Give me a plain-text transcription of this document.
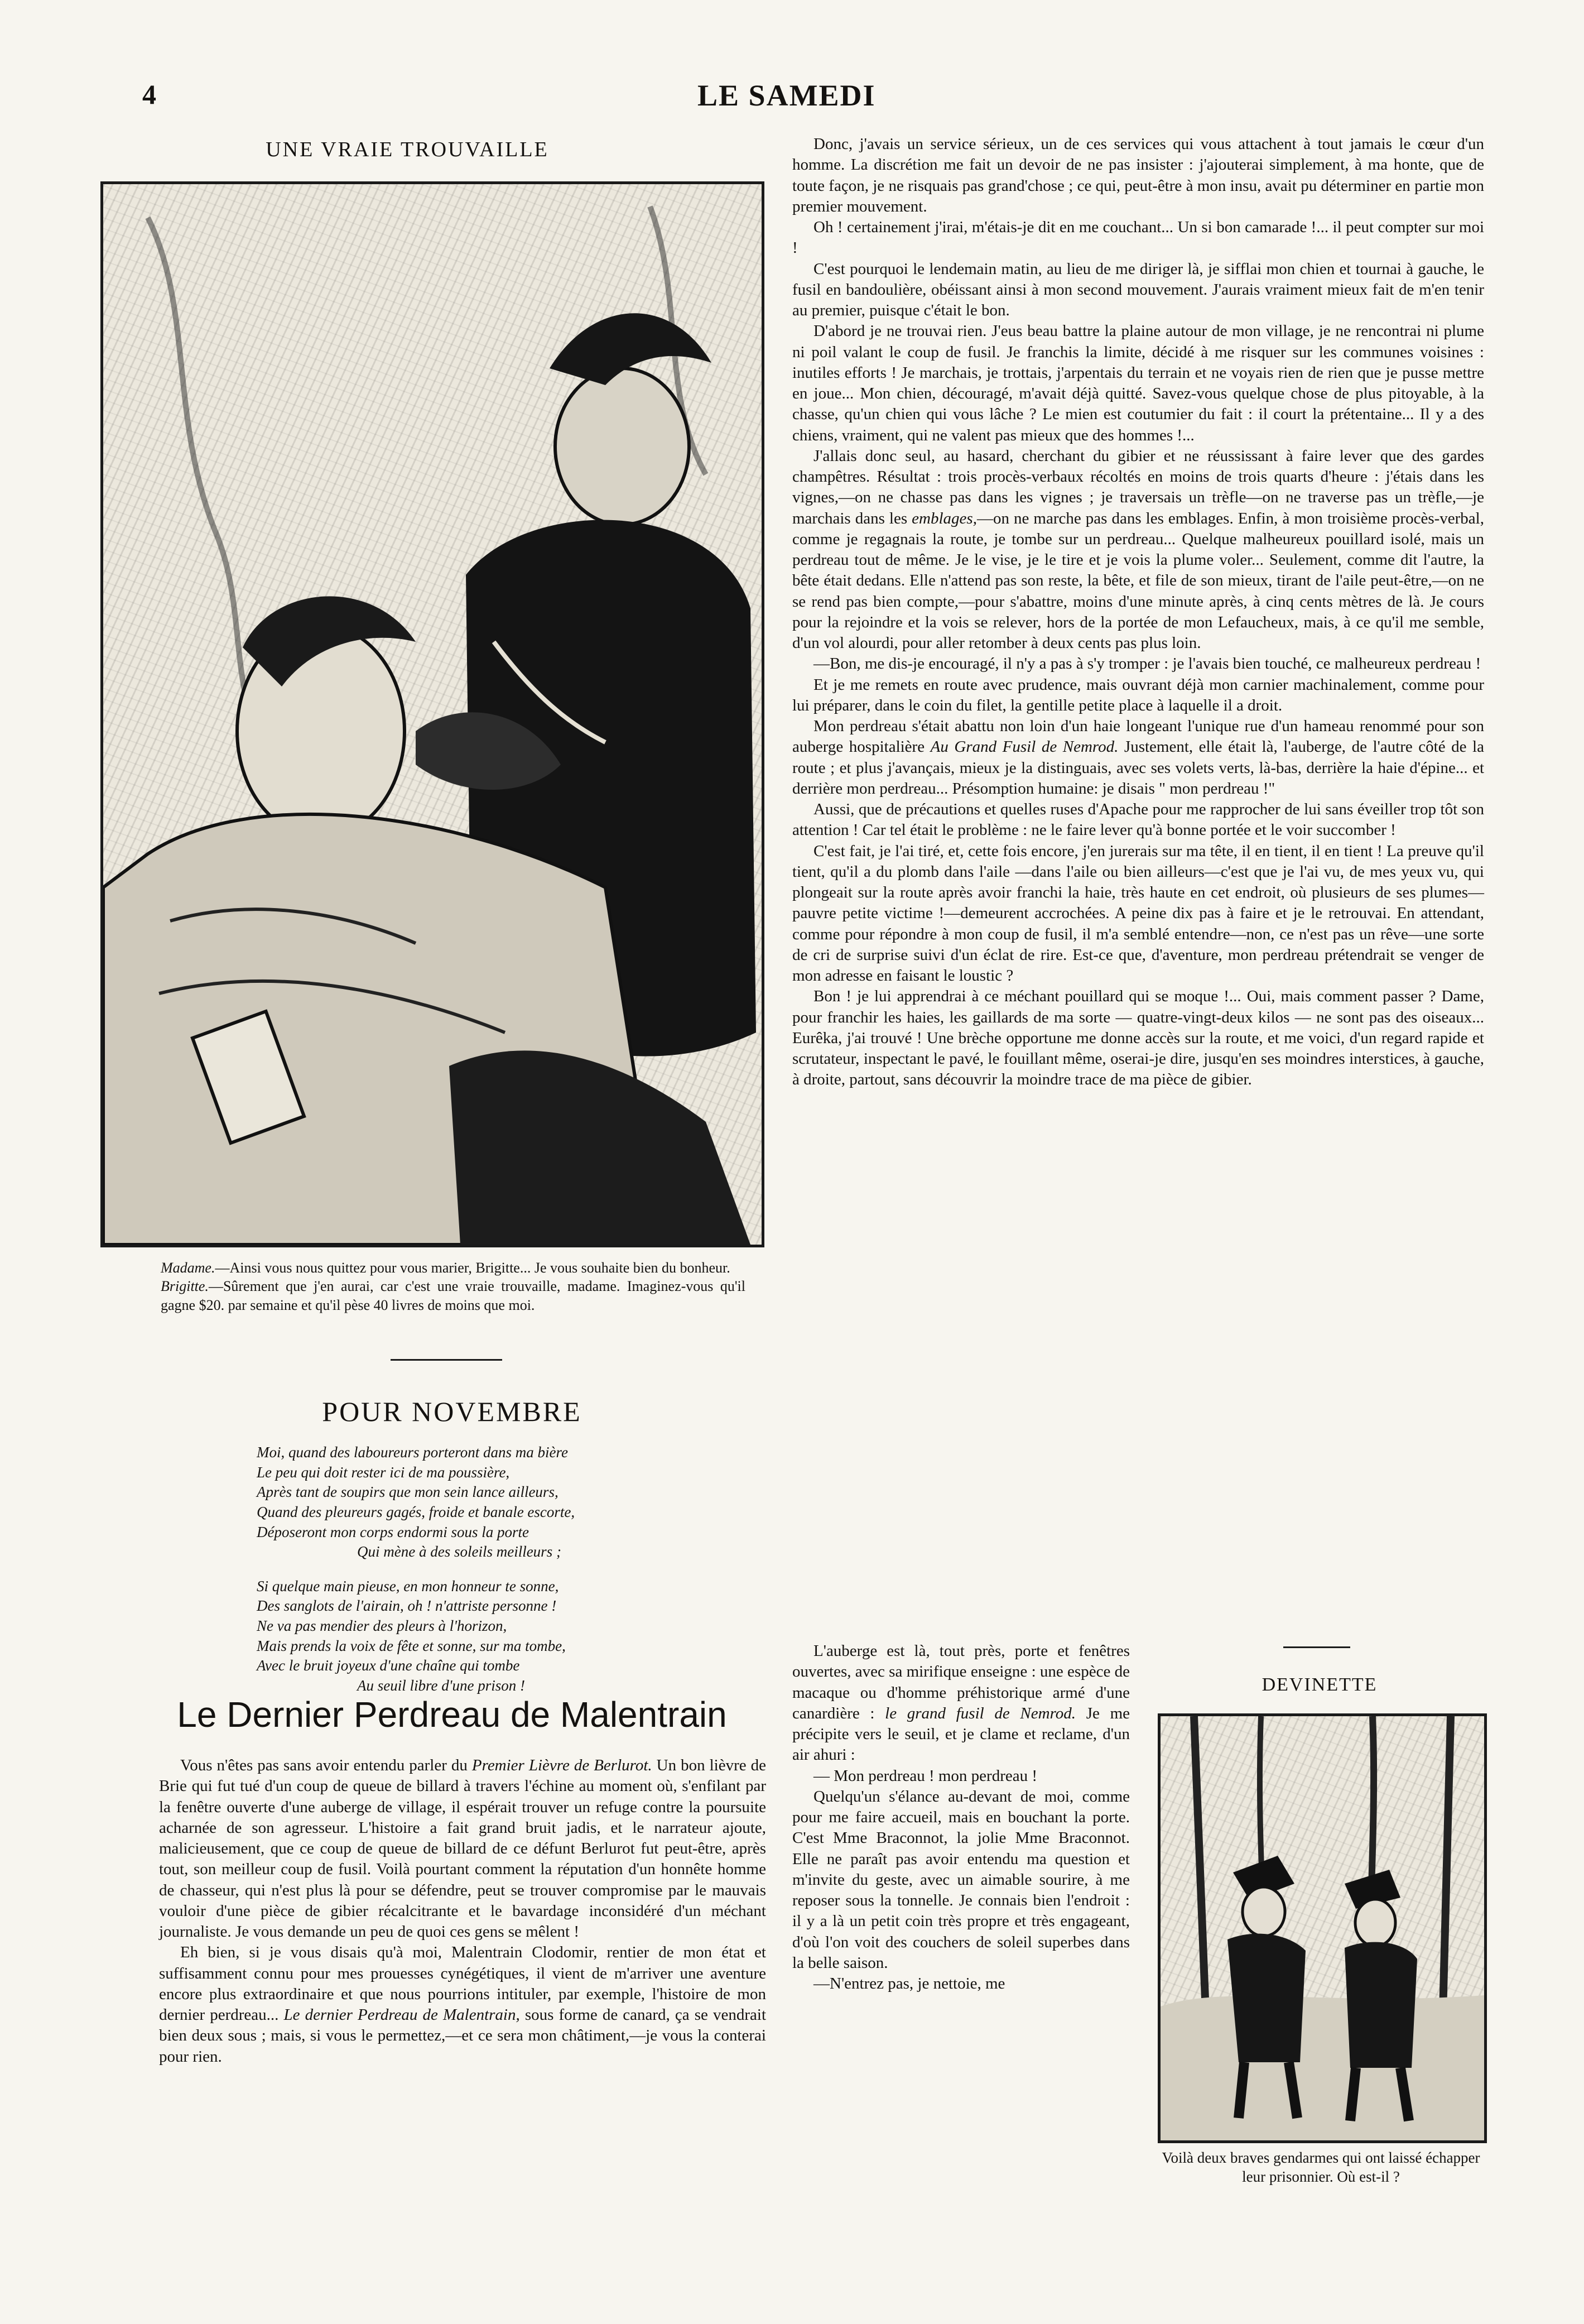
4	LE SAMEDI
UNE VRAIE TROUVAILLE
Madame.—Ainsi vous nous quittez pour vous marier, Brigitte... Je vous souhaite bien du bonheur.
Brigitte.—Sûrement que j'en aurai, car c'est une vraie trouvaille, madame. Imaginez-vous qu'il gagne $20. par semaine et qu'il pèse 40 livres de moins que moi.
POUR NOVEMBRE
Moi, quand des laboureurs porteront dans ma bière
Le peu qui doit rester ici de ma poussière,
Après tant de soupirs que mon sein lance ailleurs,
Quand des pleureurs gagés, froide et banale escorte,
Déposeront mon corps endormi sous la porte
Qui mène à des soleils meilleurs ;
Si quelque main pieuse, en mon honneur te sonne,
Des sanglots de l'airain, oh ! n'attriste personne !
Ne va pas mendier des pleurs à l'horizon,
Mais prends la voix de fête et sonne, sur ma tombe,
Avec le bruit joyeux d'une chaîne qui tombe
Au seuil libre d'une prison !
Le Dernier Perdreau de Malentrain

Vous n'êtes pas sans avoir entendu parler du Premier Lièvre de Berlurot. Un bon lièvre de Brie qui fut tué d'un coup de queue de billard à travers l'échine au moment où, s'enfilant par la fenêtre ouverte d'une auberge de village, il espérait trouver un refuge contre la poursuite acharnée de son agresseur. L'histoire a fait grand bruit jadis, et le narrateur ajoute, malicieusement, que ce coup de queue de billard de ce défunt Berlurot fut peut-être, après tout, son meilleur coup de fusil. Voilà pourtant comment la réputation d'un honnête homme de chasseur, qui n'est plus là pour se défendre, peut se trouver compromise par le mauvais vouloir d'une pièce de gibier récalcitrante et le bavardage inconsidéré d'un méchant journaliste. Je vous demande un peu de quoi ces gens se mêlent !

Eh bien, si je vous disais qu'à moi, Malentrain Clodomir, rentier de mon état et suffisamment connu pour mes prouesses cynégétiques, il vient de m'arriver une aventure encore plus extraordinaire et que nous pourrions intituler, par exemple, l'histoire de mon dernier perdreau... Le dernier Perdreau de Malentrain, sous forme de canard, ça se vendrait bien deux sous ; mais, si vous le permettez,—et ce sera mon châtiment,—je vous la conterai pour rien.

Donc, j'avais un service sérieux, un de ces services qui vous attachent à tout jamais le cœur d'un homme. La discrétion me fait un devoir de ne pas insister : j'ajouterai simplement, à ma honte, que de toute façon, je ne risquais pas grand'chose ; ce qui, peut-être à mon insu, avait pu déterminer en partie mon premier mouvement.

Oh ! certainement j'irai, m'étais-je dit en me couchant... Un si bon camarade !... il peut compter sur moi !

C'est pourquoi le lendemain matin, au lieu de me diriger là, je sifflai mon chien et tournai à gauche, le fusil en bandoulière, obéissant ainsi à mon second mouvement. J'aurais vraiment mieux fait de m'en tenir au premier, puisque c'était le bon.

D'abord je ne trouvai rien. J'eus beau battre la plaine autour de mon village, je ne rencontrai ni plume ni poil valant le coup de fusil. Je franchis la limite, décidé à me risquer sur les communes voisines : inutiles efforts ! Je marchais, je trottais, j'arpentais du terrain et ne voyais rien de rien que je pusse mettre en joue... Mon chien, découragé, m'avait déjà quitté. Savez-vous quelque chose de plus pitoyable, à la chasse, qu'un chien qui vous lâche ? Le mien est coutumier du fait : il court la prétentaine... Il y a des chiens, vraiment, qui ne valent pas mieux que des hommes !...

J'allais donc seul, au hasard, cherchant du gibier et ne réussissant à faire lever que des gardes champêtres. Résultat : trois procès-verbaux récoltés en moins de trois quarts d'heure : j'étais dans les vignes,—on ne chasse pas dans les vignes ; je traversais un trèfle—on ne traverse pas un trèfle,—je marchais dans les emblages,—on ne marche pas dans les emblages. Enfin, à mon troisième procès-verbal, comme je regagnais la route, je tombe sur un perdreau... Quelque malheureux pouillard isolé, mais un perdreau tout de même. Je le vise, je le tire et je vois la plume voler... Seulement, comme dit l'autre, la bête était dedans. Elle n'attend pas son reste, la bête, et file de son mieux, tirant de l'aile peut-être,—on ne se rend pas bien compte,—pour s'abattre, moins d'une minute après, à cinq cents mètres de là. Je cours pour la rejoindre et la vois se relever, hors de la portée de mon Lefaucheux, mais, à ce qu'il me semble, d'un vol alourdi, pour aller retomber à deux cents pas plus loin.

—Bon, me dis-je encouragé, il n'y a pas à s'y tromper : je l'avais bien touché, ce malheureux perdreau !

Et je me remets en route avec prudence, mais ouvrant déjà mon carnier machinalement, comme pour lui préparer, dans le coin du filet, la gentille petite place à laquelle il a droit.

Mon perdreau s'était abattu non loin d'un haie longeant l'unique rue d'un hameau renommé pour son auberge hospitalière Au Grand Fusil de Nemrod. Justement, elle était là, l'auberge, de l'autre côté de la route ; et plus j'avançais, mieux je la distinguais, avec ses volets verts, là-bas, derrière la haie d'épine... et derrière mon perdreau... Présomption humaine: je disais " mon perdreau !"

Aussi, que de précautions et quelles ruses d'Apache pour me rapprocher de lui sans éveiller trop tôt son attention ! Car tel était le problème : ne le faire lever qu'à bonne portée et le voir succomber !

C'est fait, je l'ai tiré, et, cette fois encore, j'en jurerais sur ma tête, il en tient, il en tient ! La preuve qu'il tient, qu'il a du plomb dans l'aile —dans l'aile ou bien ailleurs—c'est que je l'ai vu, de mes yeux vu, qui plongeait sur la route après avoir franchi la haie, très haute en cet endroit, où plusieurs de ses plumes—pauvre petite victime !—demeurent accrochées. A peine dix pas à faire et je le retrouvai. En attendant, comme pour répondre à mon coup de fusil, il m'a semblé entendre—non, ce n'est pas un rêve—une sorte de cri de surprise suivi d'un éclat de rire. Est-ce que, d'aventure, mon perdreau prétendrait se venger de mon adresse en faisant le loustic ?

Bon ! je lui apprendrai à ce méchant pouillard qui se moque !... Oui, mais comment passer ? Dame, pour franchir les haies, les gaillards de ma sorte — quatre-vingt-deux kilos — ne sont pas des oiseaux... Eurêka, j'ai trouvé ! Une brèche opportune me donne accès sur la route, et me voici, d'un regard rapide et scrutateur, inspectant le pavé, le fouillant même, oserai-je dire, jusqu'en ses moindres interstices, à gauche, à droite, partout, sans découvrir la moindre trace de ma pièce de gibier.

L'auberge est là, tout près, porte et fenêtres ouvertes, avec sa mirifique enseigne : une espèce de macaque ou d'homme préhistorique armé d'une canardière : le grand fusil de Nemrod. Je me précipite vers le seuil, et je clame et reclame, d'un air ahuri :

— Mon perdreau ! mon perdreau !

Quelqu'un s'élance au-devant de moi, comme pour me faire accueil, mais en bouchant la porte. C'est Mme Braconnot, la jolie Mme Braconnot. Elle ne paraît pas avoir entendu ma question et m'invite du geste, avec un aimable sourire, à me reposer sous la tonnelle. Je connais bien l'endroit : il y a là un petit coin très propre et très engageant, d'où l'on voit des couchers de soleil superbes dans la belle saison.

—N'entrez pas, je nettoie, me

DEVINETTE
Voilà deux braves gendarmes qui ont laissé échapper leur prisonnier. Où est-il ?
